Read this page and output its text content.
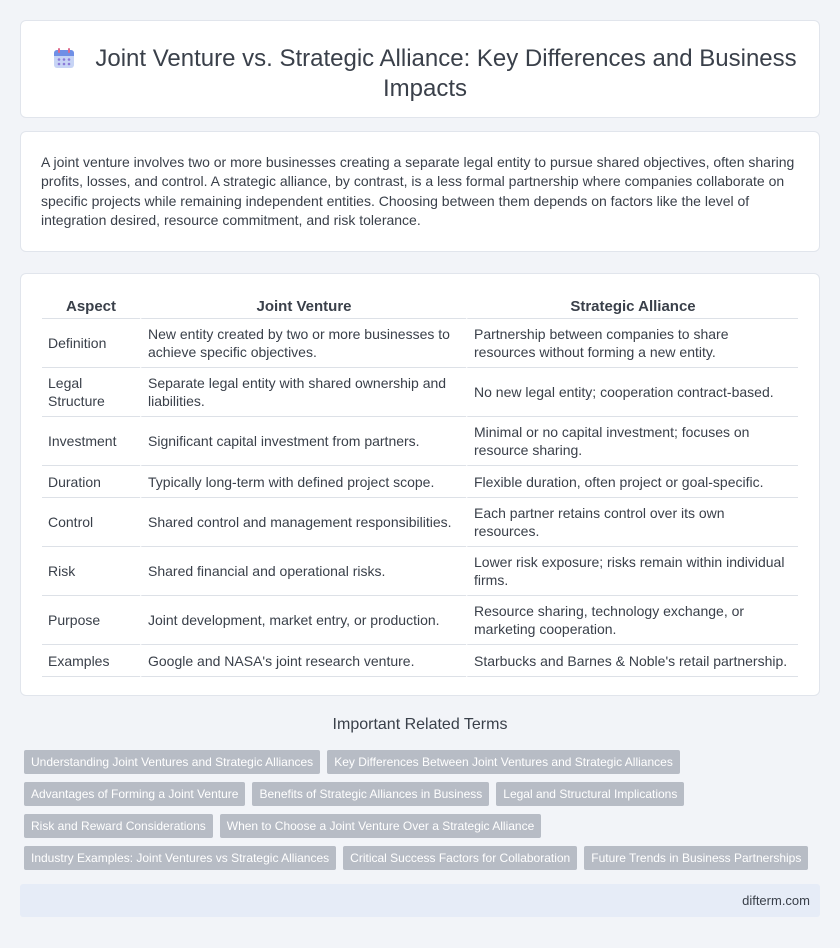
Joint Venture vs. Strategic Alliance: Key Differences and Business Impacts

A joint venture involves two or more businesses creating a separate legal entity to pursue shared objectives, often sharing profits, losses, and control. A strategic alliance, by contrast, is a less formal partnership where companies collaborate on specific projects while remaining independent entities. Choosing between them depends on factors like the level of integration desired, resource commitment, and risk tolerance.

Aspect	Joint Venture	Strategic Alliance
Definition	New entity created by two or more businesses to achieve specific objectives.	Partnership between companies to share resources without forming a new entity.
Legal Structure	Separate legal entity with shared ownership and liabilities.	No new legal entity; cooperation contract-based.
Investment	Significant capital investment from partners.	Minimal or no capital investment; focuses on resource sharing.
Duration	Typically long-term with defined project scope.	Flexible duration, often project or goal-specific.
Control	Shared control and management responsibilities.	Each partner retains control over its own resources.
Risk	Shared financial and operational risks.	Lower risk exposure; risks remain within individual firms.
Purpose	Joint development, market entry, or production.	Resource sharing, technology exchange, or marketing cooperation.
Examples	Google and NASA's joint research venture.	Starbucks and Barnes & Noble's retail partnership.
Important Related Terms
Understanding Joint Ventures and Strategic Alliances	Key Differences Between Joint Ventures and Strategic Alliances
Advantages of Forming a Joint Venture	Benefits of Strategic Alliances in Business	Legal and Structural Implications
Risk and Reward Considerations	When to Choose a Joint Venture Over a Strategic Alliance
Industry Examples: Joint Ventures vs Strategic Alliances	Critical Success Factors for Collaboration	Future Trends in Business Partnerships
difterm.com
